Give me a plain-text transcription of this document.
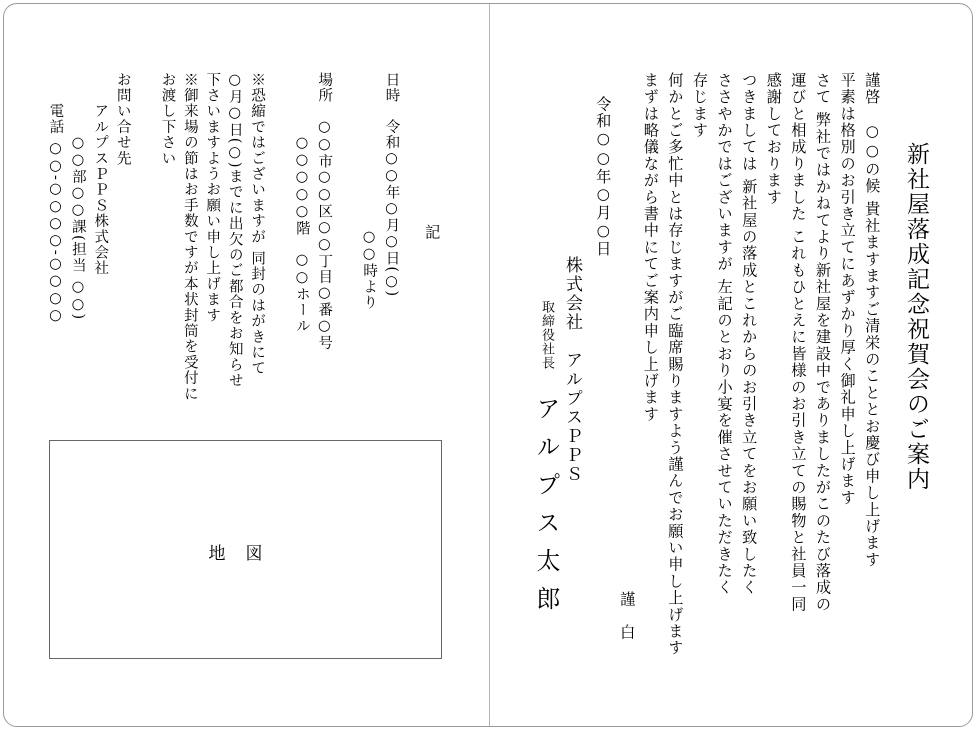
新社屋落成記念祝賀会のご案内
謹啓　○○の候 貴社ますますご清栄のこととお慶び申し上げます
平素は格別のお引き立てにあずかり厚く御礼申し上げます
さて 弊社ではかねてより新社屋を建設中でありましたがこのたび落成の
運びと相成りました これもひとえに皆様のお引き立ての賜物と社員一同
感謝しております
つきましては 新社屋の落成とこれからのお引き立てをお願い致したく
ささやかではございますが 左記のとおり小宴を催させていただきたく
存じます
何かとご多忙中とは存じますがご臨席賜りますよう謹んでお願い申し上げます
まずは略儀ながら書中にてご案内申し上げます
謹
白
令和○○年○月○日
株式会社　アルプスＰＰＳ
取締役社長
アルプス太郎
記
日時　令和○○年○月○日(○)
　　　　　　　　　　○○時より
場所　○○市○○区○○丁目○番○号
　　　　○○○○○階　○○ホール
※恐縮ではございますが 同封のはがきにて
○月○日(○)までに出欠のご都合をお知らせ
下さいますようお願い申し上げます
※御来場の節はお手数ですが本状封筒を受付に
お渡し下さい
お問い合せ先
　　アルプスＰＰＳ株式会社
　　　　○○部○○課(担当 ○○)
　　電話 ○○-○○○○-○○○○
地図
